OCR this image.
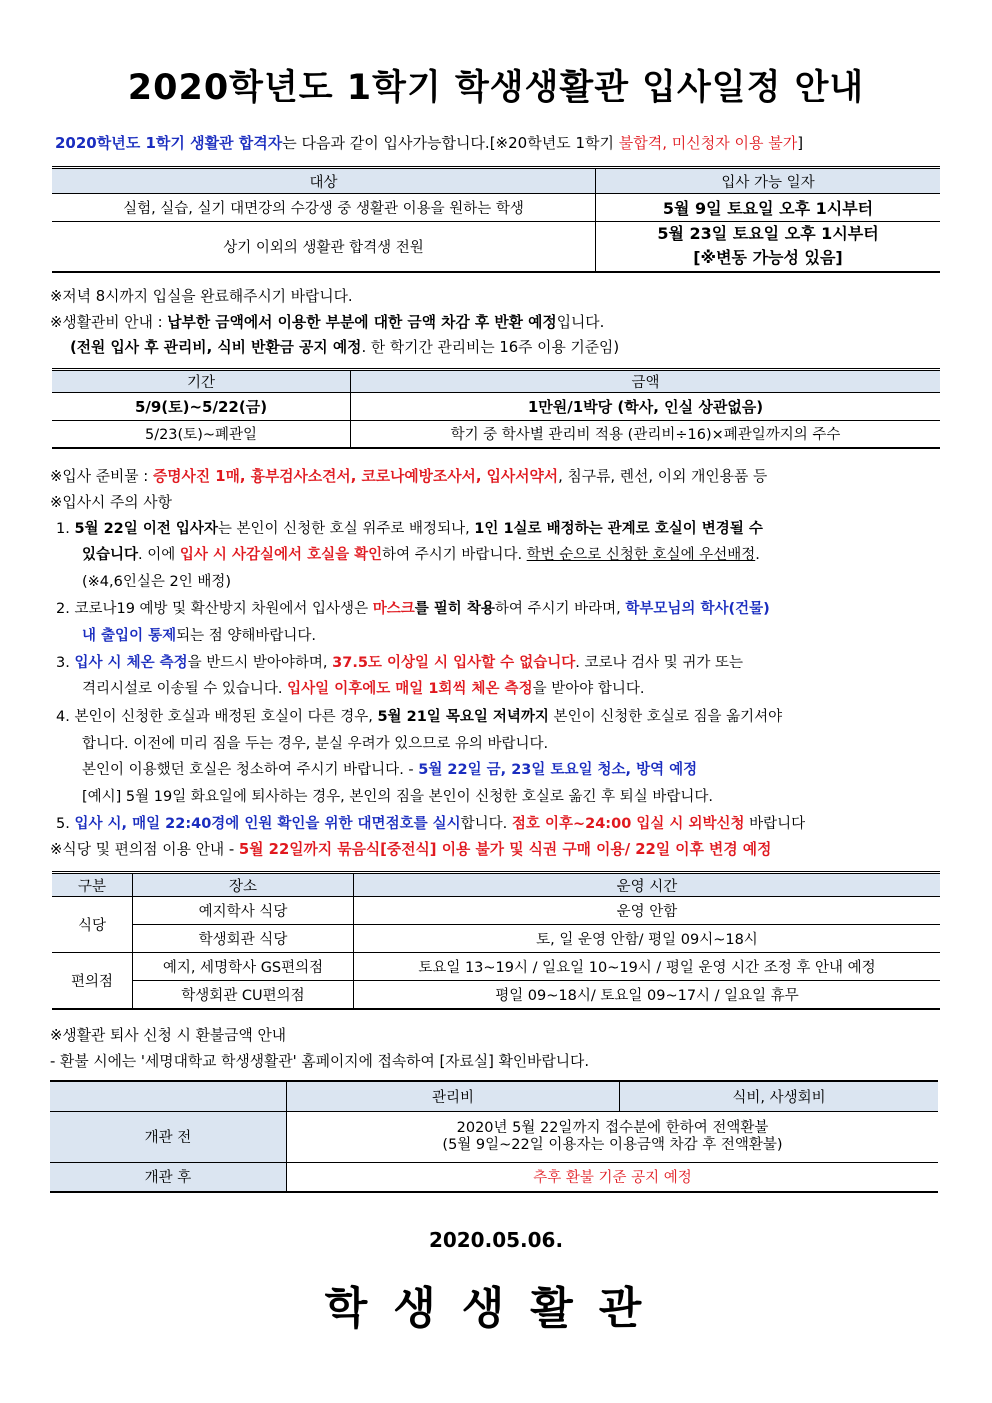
2020학년도 1학기 학생생활관 입사일정 안내
2020학년도 1학기 생활관 합격자는 다음과 같이 입사가능합니다.[※20학년도 1학기 불합격, 미신청자 이용 불가]
대상	입사 가능 일자
실험, 실습, 실기 대면강의 수강생 중 생활관 이용을 원하는 학생	5월 9일 토요일 오후 1시부터
상기 이외의 생활관 합격생 전원	5월 23일 토요일 오후 1시부터
[※변동 가능성 있음]
※저녁 8시까지 입실을 완료해주시기 바랍니다.
※생활관비 안내 : 납부한 금액에서 이용한 부분에 대한 금액 차감 후 반환 예정입니다.
(전원 입사 후 관리비, 식비 반환금 공지 예정. 한 학기간 관리비는 16주 이용 기준임)
기간	금액
5/9(토)~5/22(금)	1만원/1박당 (학사, 인실 상관없음)
5/23(토)~폐관일	학기 중 학사별 관리비 적용 (관리비÷16)×폐관일까지의 주수
※입사 준비물 : 증명사진 1매, 흉부검사소견서, 코로나예방조사서, 입사서약서, 침구류, 렌선, 이외 개인용품 등
※입사시 주의 사항
1. 5월 22일 이전 입사자는 본인이 신청한 호실 위주로 배정되나, 1인 1실로 배정하는 관계로 호실이 변경될 수
있습니다. 이에 입사 시 사감실에서 호실을 확인하여 주시기 바랍니다. 학번 순으로 신청한 호실에 우선배정.
(※4,6인실은 2인 배정)
2. 코로나19 예방 및 확산방지 차원에서 입사생은 마스크를 필히 착용하여 주시기 바라며, 학부모님의 학사(건물)
내 출입이 통제되는 점 양해바랍니다.
3. 입사 시 체온 측정을 반드시 받아야하며, 37.5도 이상일 시 입사할 수 없습니다. 코로나 검사 및 귀가 또는
격리시설로 이송될 수 있습니다. 입사일 이후에도 매일 1회씩 체온 측정을 받아야 합니다.
4. 본인이 신청한 호실과 배정된 호실이 다른 경우, 5월 21일 목요일 저녁까지 본인이 신청한 호실로 짐을 옮기셔야
합니다. 이전에 미리 짐을 두는 경우, 분실 우려가 있으므로 유의 바랍니다.
본인이 이용했던 호실은 청소하여 주시기 바랍니다. - 5월 22일 금, 23일 토요일 청소, 방역 예정
[예시] 5월 19일 화요일에 퇴사하는 경우, 본인의 짐을 본인이 신청한 호실로 옮긴 후 퇴실 바랍니다.
5. 입사 시, 매일 22:40경에 인원 확인을 위한 대면점호를 실시합니다. 점호 이후~24:00 입실 시 외박신청 바랍니다
※식당 및 편의점 이용 안내 - 5월 22일까지 묶음식[중전식] 이용 불가 및 식권 구매 이용/ 22일 이후 변경 예정
구분	장소	운영 시간
식당	예지학사 식당	운영 안함
	학생회관 식당	토, 일 운영 안함/ 평일 09시~18시
편의점	예지, 세명학사 GS편의점	토요일 13~19시 / 일요일 10~19시 / 평일 운영 시간 조정 후 안내 예정
	학생회관 CU편의점	평일 09~18시/ 토요일 09~17시 / 일요일 휴무
※생활관 퇴사 신청 시 환불금액 안내
- 환불 시에는 '세명대학교 학생생활관' 홈페이지에 접속하여 [자료실] 확인바랍니다.
	관리비	식비, 사생회비
개관 전	2020년 5월 22일까지 접수분에 한하여 전액환불
(5월 9일~22일 이용자는 이용금액 차감 후 전액환불)	

개관 후	추후 환불 기준 공지 예정	
2020.05.06.
학생생활관
